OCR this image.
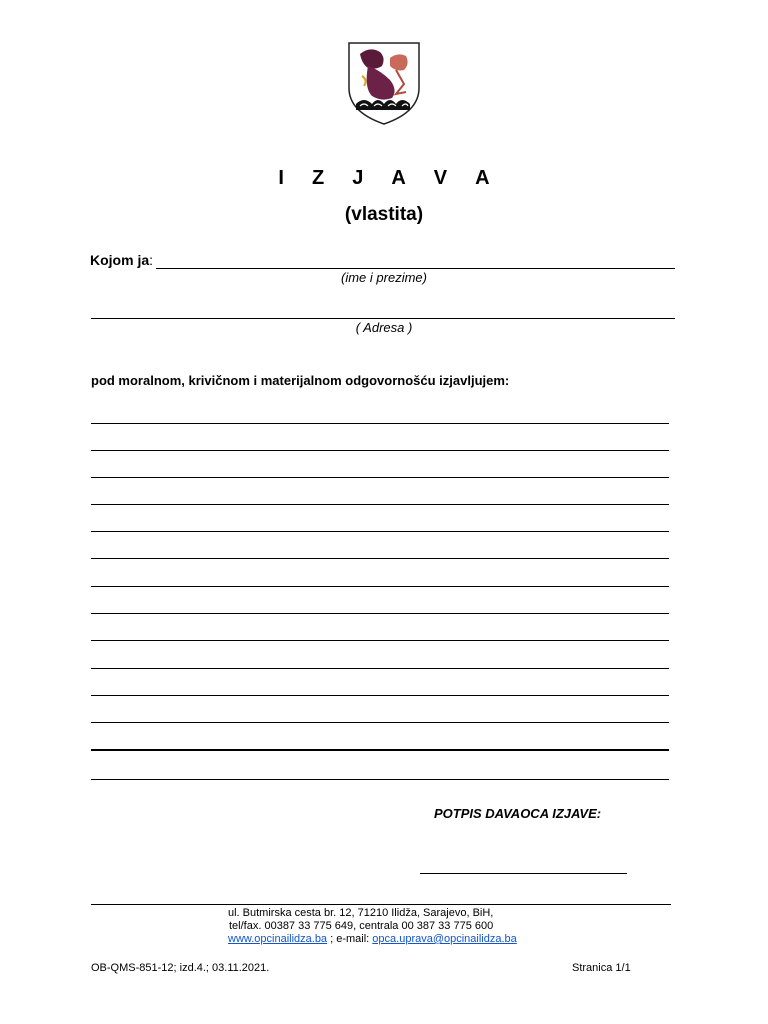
I Z J A V A
(vlastita)
Kojom ja:
(ime i prezime)
( Adresa )
pod moralnom, krivičnom i materijalnom odgovornošću izjavljujem:
POTPIS DAVAOCA IZJAVE:
ul. Butmirska cesta br. 12, 71210 Ilidža, Sarajevo, BiH,
tel/fax. 00387 33 775 649, centrala 00 387 33 775 600
www.opcinailidza.ba ; e-mail: opca.uprava@opcinailidza.ba
OB-QMS-851-12; izd.4.; 03.11.2021.	Stranica 1/1
